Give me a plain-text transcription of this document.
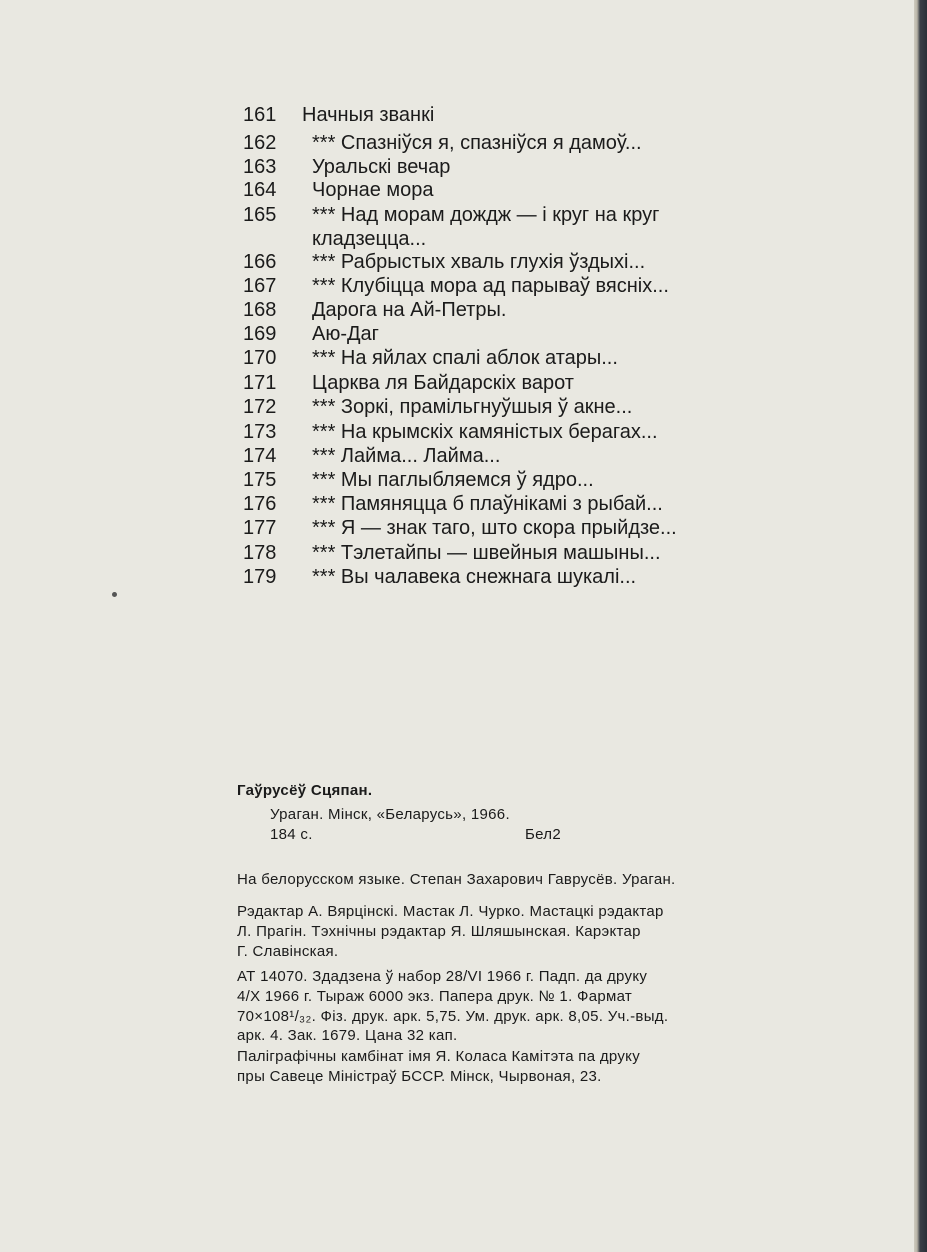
161	Начныя званкі
162	*** Спазніўся я, спазніўся я дамоў...
163	Уральскі вечар
164	Чорнае мора
165	*** Над морам дождж — і круг на круг
кладзецца...
166	*** Рабрыстых хваль глухія ўздыхі...
167	*** Клубіцца мора ад парываў вясніх...
168	Дарога на Ай-Петры.
169	Аю-Даг
170	*** На яйлах спалі аблок атары...
171	Царква ля Байдарскіх варот
172	*** Зоркі, прамільгнуўшыя ў акне...
173	*** На крымскіх камяністых берагах...
174	*** Лайма... Лайма...
175	*** Мы паглыбляемся ў ядро...
176	*** Памяняцца б плаўнікамі з рыбай...
177	*** Я — знак таго, што скора прыйдзе...
178	*** Тэлетайпы — швейныя машыны...
179	*** Вы чалавека снежнага шукалі...
Гаўрусёў Сцяпан.
Ураган. Мінск, «Беларусь», 1966.
184 с.	Бел2
На белорусском языке. Степан Захарович Гаврусёв. Ураган.
Рэдактар А. Вярцінскі. Мастак Л. Чурко. Мастацкі рэдактар
Л. Прагін. Тэхнічны рэдактар Я. Шляшынская. Карэктар
Г. Славінская.
АТ 14070. Здадзена ў набор 28/VI 1966 г. Падп. да друку
4/X 1966 г. Тыраж 6000 экз. Папера друк. № 1. Фармат
70×108¹/₃₂. Фіз. друк. арк. 5,75. Ум. друк. арк. 8,05. Уч.-выд.
арк. 4. Зак. 1679. Цана 32 кап.
Паліграфічны камбінат імя Я. Коласа Камітэта па друку
пры Савеце Міністраў БССР. Мінск, Чырвоная, 23.
